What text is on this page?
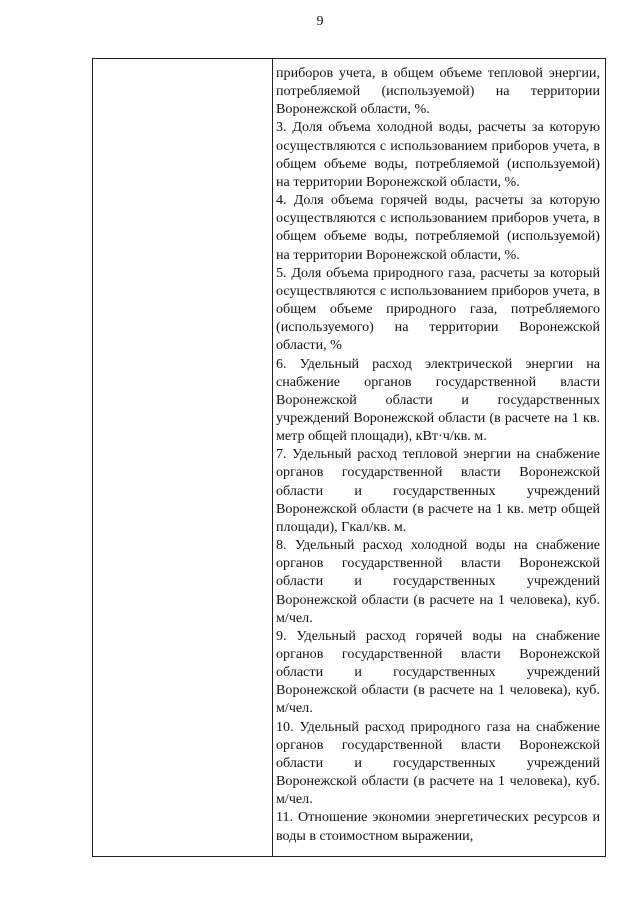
9

приборов учета, в общем объеме тепловой энергии, потребляемой (используемой) на территории Воронежской области, %.

3. Доля объема холодной воды, расчеты за которую осуществляются с использованием приборов учета, в общем объеме воды, потребляемой (используемой) на территории Воронежской области, %.

4. Доля объема горячей воды, расчеты за которую осуществляются с использованием приборов учета, в общем объеме воды, потребляемой (используемой) на территории Воронежской области, %.

5. Доля объема природного газа, расчеты за который осуществляются с использованием приборов учета, в общем объеме природного газа, потребляемого (используемого) на территории Воронежской области, %

6. Удельный расход электрической энергии на снабжение органов государственной власти Воронежской области и государственных учреждений Воронежской области (в расчете на 1 кв. метр общей площади), кВт·ч/кв. м.

7. Удельный расход тепловой энергии на снабжение органов государственной власти Воронежской области и государственных учреждений Воронежской области (в расчете на 1 кв. метр общей площади), Гкал/кв. м.

8. Удельный расход холодной воды на снабжение органов государственной власти Воронежской области и государственных учреждений Воронежской области (в расчете на 1 человека), куб. м/чел.

9. Удельный расход горячей воды на снабжение органов государственной власти Воронежской области и государственных учреждений Воронежской области (в расчете на 1 человека), куб. м/чел.

10. Удельный расход природного газа на снабжение органов государственной власти Воронежской области и государственных учреждений Воронежской области (в расчете на 1 человека), куб. м/чел.

11. Отношение экономии энергетических ресурсов и воды в стоимостном выражении,
